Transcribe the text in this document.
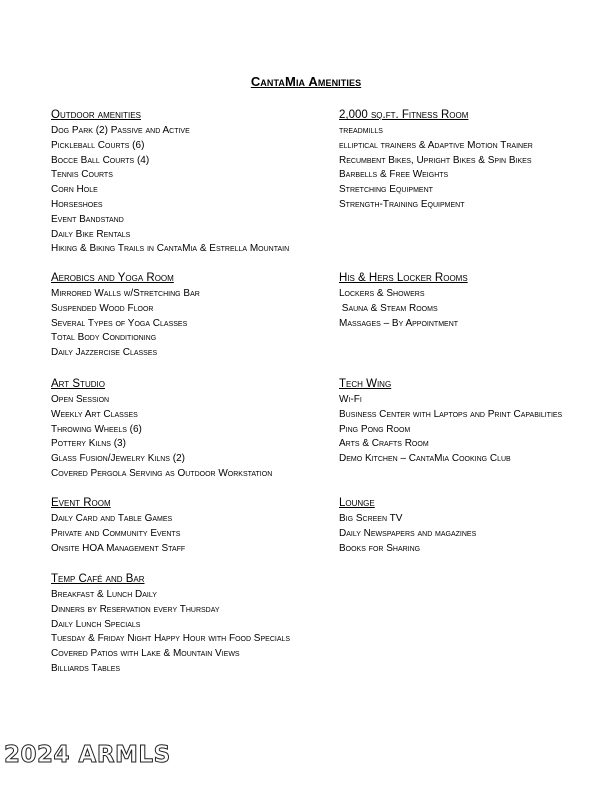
CantaMia Amenities
Outdoor amenities
Dog Park (2) Passive and Active
Pickleball Courts (6)
Bocce Ball Courts (4)
Tennis Courts
Corn Hole
Horseshoes
Event Bandstand
Daily Bike Rentals
Hiking & Biking Trails in CantaMia & Estrella Mountain
2,000 sq.ft. Fitness Room
treadmills
elliptical trainers & Adaptive Motion Trainer
Recumbent Bikes, Upright Bikes & Spin Bikes
Barbells & Free Weights
Stretching Equipment
Strength-Training Equipment
Aerobics and Yoga Room
Mirrored Walls w/Stretching Bar
Suspended Wood Floor
Several Types of Yoga Classes
Total Body Conditioning
Daily Jazzercise Classes
His & Hers Locker Rooms
Lockers & Showers
Sauna & Steam Rooms
Massages – By Appointment
Art Studio
Open Session
Weekly Art Classes
Throwing Wheels (6)
Pottery Kilns (3)
Glass Fusion/Jewelry Kilns (2)
Covered Pergola Serving as Outdoor Workstation
Tech Wing
Wi-Fi
Business Center with Laptops and Print Capabilities
Ping Pong Room
Arts & Crafts Room
Demo Kitchen – CantaMia Cooking Club
Event Room
Daily Card and Table Games
Private and Community Events
Onsite HOA Management Staff
Lounge
Big Screen TV
Daily Newspapers and magazines
Books for Sharing
Temp Café and Bar
Breakfast & Lunch Daily
Dinners by Reservation every Thursday
Daily Lunch Specials
Tuesday & Friday Night Happy Hour with Food Specials
Covered Patios with Lake & Mountain Views
Billiards Tables
2024 ARMLS
